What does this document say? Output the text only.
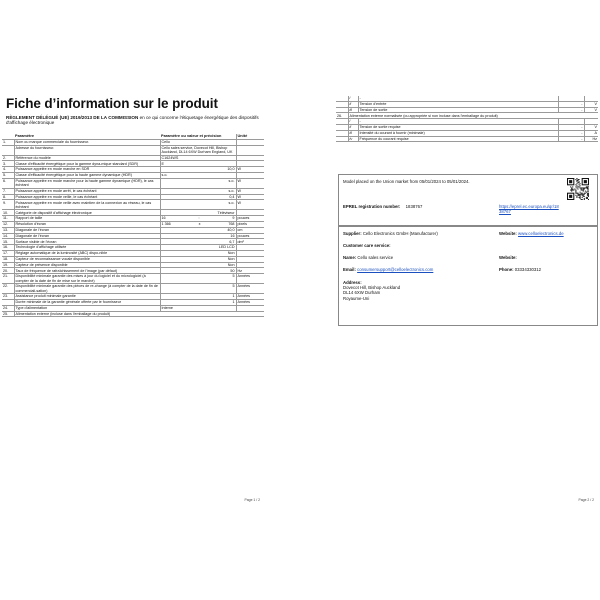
Fiche d’information sur le produit
RÈGLEMENT DÉLÉGUÉ (UE) 2019/2013 DE LA COMMISSION en ce qui concerne l'étiquetage énergétique des dispositifs d'affichage électronique
	Paramètre	Paramètre ou valeur et précision	Unité
1.	Nom ou marque commerciale du fournisseur.	Cello	
	Adresse du fournisseur.	Cello sales service, Dovecot Hill, Bishop Auckland, DL14 6XW Durham England, UK	
2.	Référence du modèle	C1624WS	
3.	Classe d'efficacité énergétique pour la gamme dyna-mique standard (SDR)	E	
4.	Puissance appelée en mode marche en SDR	10,0	W
5.	Classe d'efficacité énergétique pour la haute gamme dynamique (HDR)	s.o.	
6.	Puissance appelée en mode marche pour la haute gamme dynamique (HDR), le cas échéant	s.o.	W
7.	Puissance appelée en mode arrêt, le cas échéant	s.o.	W
8.	Puissance appelée en mode veille, le cas échéant	0,4	W
9.	Puissance appelée en mode veille avec maintien de la connexion au réseau, le cas échéant	s.o.	W
10.	Catégorie de dispositif d'affichage électronique	Téléviseur	
11.	Rapport de taille	16 : 9	pouces
12.	Résolution d'écran	1 366 x 768	pixels
13.	Diagonale de l'écran	40,0	cm
14.	Diagonale de l'écran	16	pouces
15.	Surface visible de l'écran	6,7	dm²
16.	Technologie d'affichage utilisée	LED LCD	
17.	Réglage automatique de la luminosité (ABC) dispo-nible	Non	
18.	Capteur de reconnaissance vocale disponible	Non	
19.	Capteur de présence disponible	Non	
20.	Taux de fréquence de rafraîchissement de l'image (par défaut)	50	Hz
21.	Disponibilité minimale garantie des mises à jour du logiciel et du micrologiciel (à compter de la date de fin de mise sur le marché)	5	Années
22.	Disponibilité minimale garantie des pièces de re-change (à compter de la date de fin de commerciali-sation)	5	Années
23.	Assistance produit minimale garantie	1	Années
	Durée minimale de la garantie générale offerte par le fournisseur	1	Années
24.	Type d'alimentation	Interne	
25.	Alimentation externe (incluse dans l'emballage du produit)		
Page 1 / 2
	i	-		
	ii	Tension d'entrée	-	V
	iii	Tension de sortie	-	V
26.	Alimentation externe normalisée (ou appropriée si non incluse dans l'emballage du produit)			
	i	-		
	ii	Tension de sortie requise	-	V
	iii	Intensité du courant à fournir (minimale)	-	A
	iv	Fréquence du courant requise	-	Hz
Model placed on the Union market from 05/01/2024 to 05/01/2024.
EPREL registration number: 1838767	https://eprel.ec.europa.eu/qr/18
38767
Supplier: Cello Electronics GmbH (Manufacturer)	Website: www.celloelectronics.de
Customer care service:
Name: Cello sales service	Website:
Email: consumersupport@celloelectronics.com	Phone: 03334330312
Address:
Dovecot Hill, Bishop Auckland
DL14 6XW Durham
Royaume-Uni
Page 2 / 2
